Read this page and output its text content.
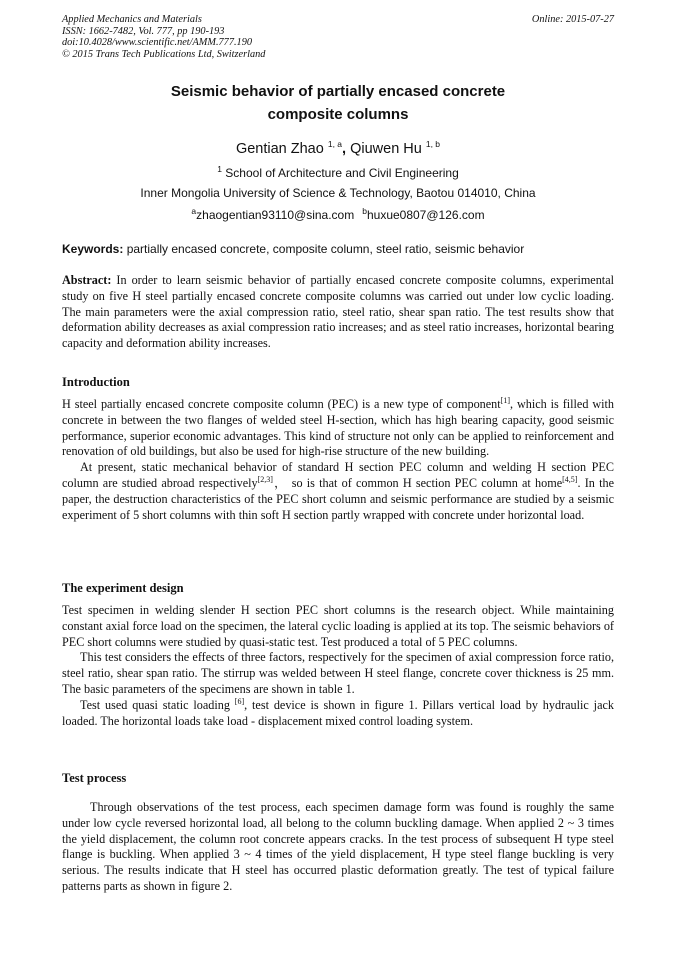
Applied Mechanics and Materials
ISSN: 1662-7482, Vol. 777, pp 190-193
doi:10.4028/www.scientific.net/AMM.777.190
© 2015 Trans Tech Publications Ltd, Switzerland
Online: 2015-07-27
Seismic behavior of partially encased concrete
composite columns
Gentian Zhao $^{1, a}$, Qiuwen Hu $^{1, b}$
$^1$ School of Architecture and Civil Engineering
Inner Mongolia University of Science & Technology, Baotou 014010, China
$^a$zhaogentian93110@sina.com $^b$huxue0807@126.com
Keywords: partially encased concrete, composite column, steel ratio, seismic behavior
Abstract: In order to learn seismic behavior of partially encased concrete composite columns, experimental study on five H steel partially encased concrete composite columns was carried out under low cyclic loading. The main parameters were the axial compression ratio, steel ratio, shear span ratio. The test results show that deformation ability decreases as axial compression ratio increases; and as steel ratio increases, horizontal bearing capacity and deformation ability increases.
Introduction

H steel partially encased concrete composite column (PEC) is a new type of component[1], which is filled with concrete in between the two flanges of welded steel H-section, which has high bearing capacity, good seismic performance, superior economic advantages. This kind of structure not only can be applied to reinforcement and renovation of old buildings, but also be used for high-rise structure of the new building.

At present, static mechanical behavior of standard H section PEC column and welding H section PEC column are studied abroad respectively[2,3]， so is that of common H section PEC column at home[4,5]. In the paper, the destruction characteristics of the PEC short column and seismic performance are studied by a seismic experiment of 5 short columns with thin soft H section partly wrapped with concrete under horizontal load.

The experiment design

Test specimen in welding slender H section PEC short columns is the research object. While maintaining constant axial force load on the specimen, the lateral cyclic loading is applied at its top. The seismic behaviors of PEC short columns were studied by quasi-static test. Test produced a total of 5 PEC columns.

This test considers the effects of three factors, respectively for the specimen of axial compression force ratio, steel ratio, shear span ratio. The stirrup was welded between H steel flange, concrete cover thickness is 25 mm. The basic parameters of the specimens are shown in table 1.

Test used quasi static loading [6], test device is shown in figure 1. Pillars vertical load by hydraulic jack loaded. The horizontal loads take load - displacement mixed control loading system.

Test process

Through observations of the test process, each specimen damage form was found is roughly the same under low cycle reversed horizontal load, all belong to the column buckling damage. When applied 2 ~ 3 times the yield displacement, the column root concrete appears cracks. In the test process of subsequent H type steel flange is buckling. When applied 3 ~ 4 times of the yield displacement, H type steel flange buckling is very serious. The results indicate that H steel has occurred plastic deformation greatly. The test of typical failure patterns parts as shown in figure 2.
